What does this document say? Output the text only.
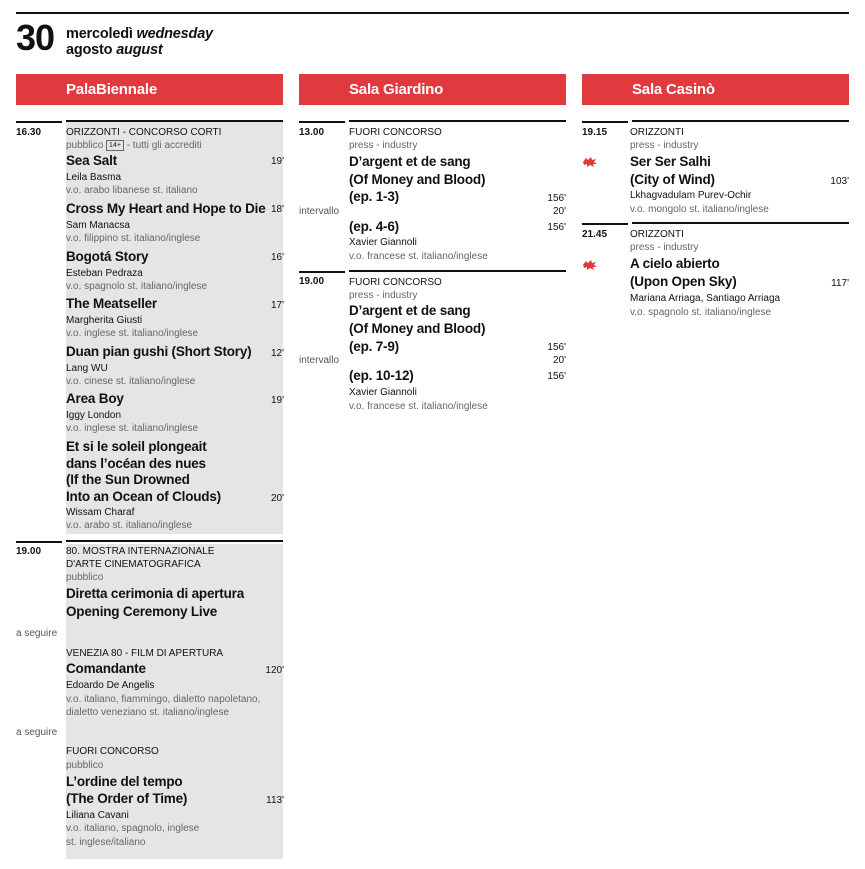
30 mercoledì wednesday
agosto august
PalaBiennale
16.30 ORIZZONTI - CONCORSO CORTI
pubblico 14+ - tutti gli accrediti
Sea Salt	19'
Leila Basma
v.o. arabo libanese st. italiano
Cross My Heart and Hope to Die 18'
Sam Manacsa
v.o. filippino st. italiano/inglese
Bogotá Story	16'
Esteban Pedraza
v.o. spagnolo st. italiano/inglese
The Meatseller	17'
Margherita Giusti
v.o. inglese st. italiano/inglese
Duan pian gushi (Short Story)	12'
Lang WU
v.o. cinese st. italiano/inglese
Area Boy	19'
Iggy London
v.o. inglese st. italiano/inglese
Et si le soleil plongeait
dans l’océan des nues
(If the Sun Drowned
Into an Ocean of Clouds)	20'
Wissam Charaf
v.o. arabo st. italiano/inglese
19.00 80. MOSTRA INTERNAZIONALE
D'ARTE CINEMATOGRAFICA
pubblico
Diretta cerimonia di apertura
Opening Ceremony Live
a seguire
VENEZIA 80 - FILM DI APERTURA
Comandante	120'
Edoardo De Angelis
v.o. italiano, fiammingo, dialetto napoletano,
dialetto veneziano st. italiano/inglese
a seguire
FUORI CONCORSO
pubblico
L’ordine del tempo
(The Order of Time)	113'
Liliana Cavani
v.o. italiano, spagnolo, inglese
st. inglese/italiano
Sala Giardino
13.00 FUORI CONCORSO
press - industry
D’argent et de sang
(Of Money and Blood)
(ep. 1-3)	156'
intervallo	20'
(ep. 4-6)	156'
Xavier Giannoli
v.o. francese st. italiano/inglese
19.00 FUORI CONCORSO
press - industry
D’argent et de sang
(Of Money and Blood)
(ep. 7-9)	156'
intervallo	20'
(ep. 10-12)	156'
Xavier Giannoli
v.o. francese st. italiano/inglese
Sala Casinò
19.15 ORIZZONTI
press - industry
Ser Ser Salhi
(City of Wind)	103'
Lkhagvadulam Purev-Ochir
v.o. mongolo st. italiano/inglese
21.45 ORIZZONTI
press - industry
A cielo abierto
(Upon Open Sky)	117'
Mariana Arriaga, Santiago Arriaga
v.o. spagnolo st. italiano/inglese
